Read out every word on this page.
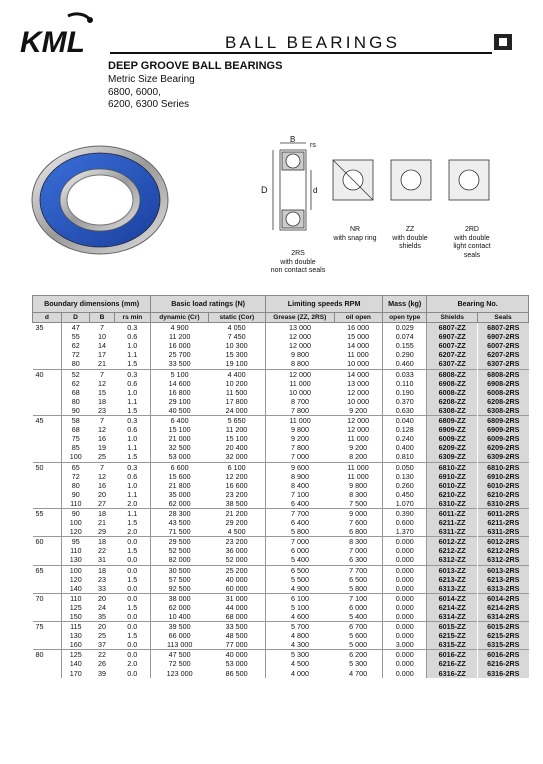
KML	BALL BEARINGS
DEEP GROOVE BALL BEARINGS
Metric Size Bearing
6800, 6000,
6200, 6300 Series
B
rs
D	d
2RS
with double
non contact seals
NR
with snap ring
ZZ
with double
shields
2RD
with double
light contact
seals
Boundary dimensions (mm)				Basic load ratings (N)		Limiting speeds RPM		Mass (kg)	Bearing No.	
d	D	B	rs min	dynamic (Cr)	static (Cor)	Grease (ZZ, 2RS)	oil open	open type	Shields	Seals
35	47	7	0.3	4 900	4 050	13 000	16 000	0.029	6807-ZZ	6807-2RS
	55	10	0.6	11 200	7 450	12 000	15 000	0.074	6907-ZZ	6907-2RS
	62	14	1.0	16 000	10 300	12 000	14 000	0.155	6007-ZZ	6007-2RS
	72	17	1.1	25 700	15 300	9 800	11 000	0.290	6207-ZZ	6207-2RS
	80	21	1.5	33 500	19 100	8 800	10 000	0.460	6307-ZZ	6307-2RS
40	52	7	0.3	5 100	4 400	12 000	14 000	0.033	6808-ZZ	6808-2RS
	62	12	0.6	14 600	10 200	11 000	13 000	0.110	6908-ZZ	6908-2RS
	68	15	1.0	16 800	11 500	10 000	12 000	0.190	6008-ZZ	6008-2RS
	80	18	1.1	29 100	17 800	8 700	10 000	0.370	6208-ZZ	6208-2RS
	90	23	1.5	40 500	24 000	7 800	9 200	0.630	6308-ZZ	6308-2RS
45	58	7	0.3	6 400	5 650	11 000	12 000	0.040	6809-ZZ	6809-2RS
	68	12	0.6	15 100	11 200	9 800	12 000	0.128	6909-ZZ	6909-2RS
	75	16	1.0	21 000	15 100	9 200	11 000	0.240	6009-ZZ	6009-2RS
	85	19	1.1	32 500	20 400	7 800	9 200	0.400	6209-ZZ	6209-2RS
	100	25	1.5	53 000	32 000	7 000	8 200	0.810	6309-ZZ	6309-2RS
50	65	7	0.3	6 600	6 100	9 600	11 000	0.050	6810-ZZ	6810-2RS
	72	12	0.6	15 600	12 200	8 900	11 000	0.130	6910-ZZ	6910-2RS
	80	16	1.0	21 800	16 600	8 400	9 800	0.260	6010-ZZ	6010-2RS
	90	20	1.1	35 000	23 200	7 100	8 300	0.450	6210-ZZ	6210-2RS
	110	27	2.0	62 000	38 500	6 400	7 500	1.070	6310-ZZ	6310-2RS
55	90	18	1.1	28 300	21 200	7 700	9 000	0.390	6011-ZZ	6011-2RS
	100	21	1.5	43 500	29 200	6 400	7 600	0.600	6211-ZZ	6211-2RS
	120	29	2.0	71 500	4 500	5 800	6 800	1.370	6311-ZZ	6311-2RS
60	95	18	0.0	29 500	23 200	7 000	8 300	0.000	6012-ZZ	6012-2RS
	110	22	1.5	52 500	36 000	6 000	7 000	0.000	6212-ZZ	6212-2RS
	130	31	0.0	82 000	52 000	5 400	6 300	0.000	6312-ZZ	6312-2RS
65	100	18	0.0	30 500	25 200	6 500	7 700	0.000	6013-ZZ	6013-2RS
	120	23	1.5	57 500	40 000	5 500	6 500	0.000	6213-ZZ	6213-2RS
	140	33	0.0	92 500	60 000	4 900	5 800	0.000	6313-ZZ	6313-2RS
70	110	20	0.0	38 000	31 000	6 100	7 100	0.000	6014-ZZ	6014-2RS
	125	24	1.5	62 000	44 000	5 100	6 000	0.000	6214-ZZ	6214-2RS
	150	35	0.0	10 400	68 000	4 600	5 400	0.000	6314-ZZ	6314-2RS
75	115	20	0.0	39 500	33 500	5 700	6 700	0.000	6015-ZZ	6015-2RS
	130	25	1.5	66 000	48 500	4 800	5 600	0.000	6215-ZZ	6215-2RS
	160	37	0.0	113 000	77 000	4 300	5 000	3.000	6315-ZZ	6315-2RS
80	125	22	0.0	47 500	40 000	5 300	6 200	0.000	6016-ZZ	6016-2RS
	140	26	2.0	72 500	53 000	4 500	5 300	0.000	6216-ZZ	6216-2RS
	170	39	0.0	123 000	86 500	4 000	4 700	0.000	6316-ZZ	6316-2RS
